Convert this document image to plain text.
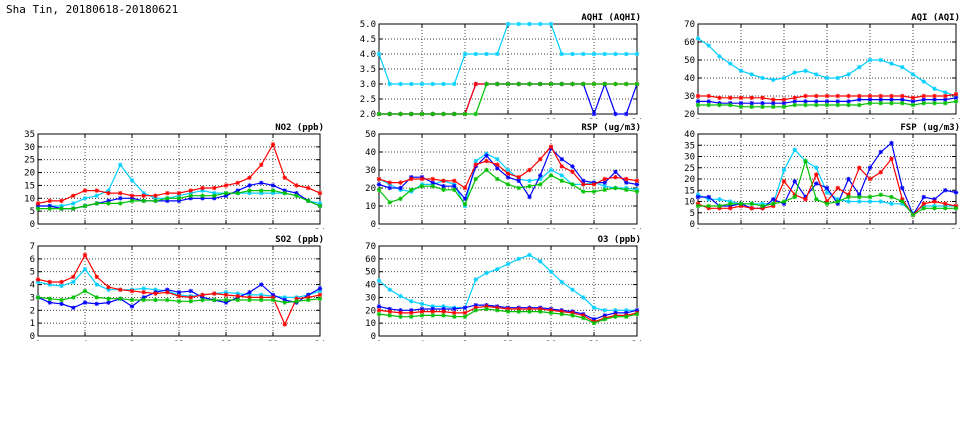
Sha Tin, 20180618-20180621
AQHI (AQHI)
2.0
2.5
3.0
3.5
4.0
4.5
5.0
AQI (AQI)
20
30
40
50
60
70
NO2 (ppb)
0
5
10
15
20
25
30
35
RSP (ug/m3)
0
10
20
30
40
50
FSP (ug/m3)
0
5
10
15
20
25
30
35
40
SO2 (ppb)
0
1
2
3
4
5
6
7
O3 (ppb)
0
10
20
30
40
50
60
70
